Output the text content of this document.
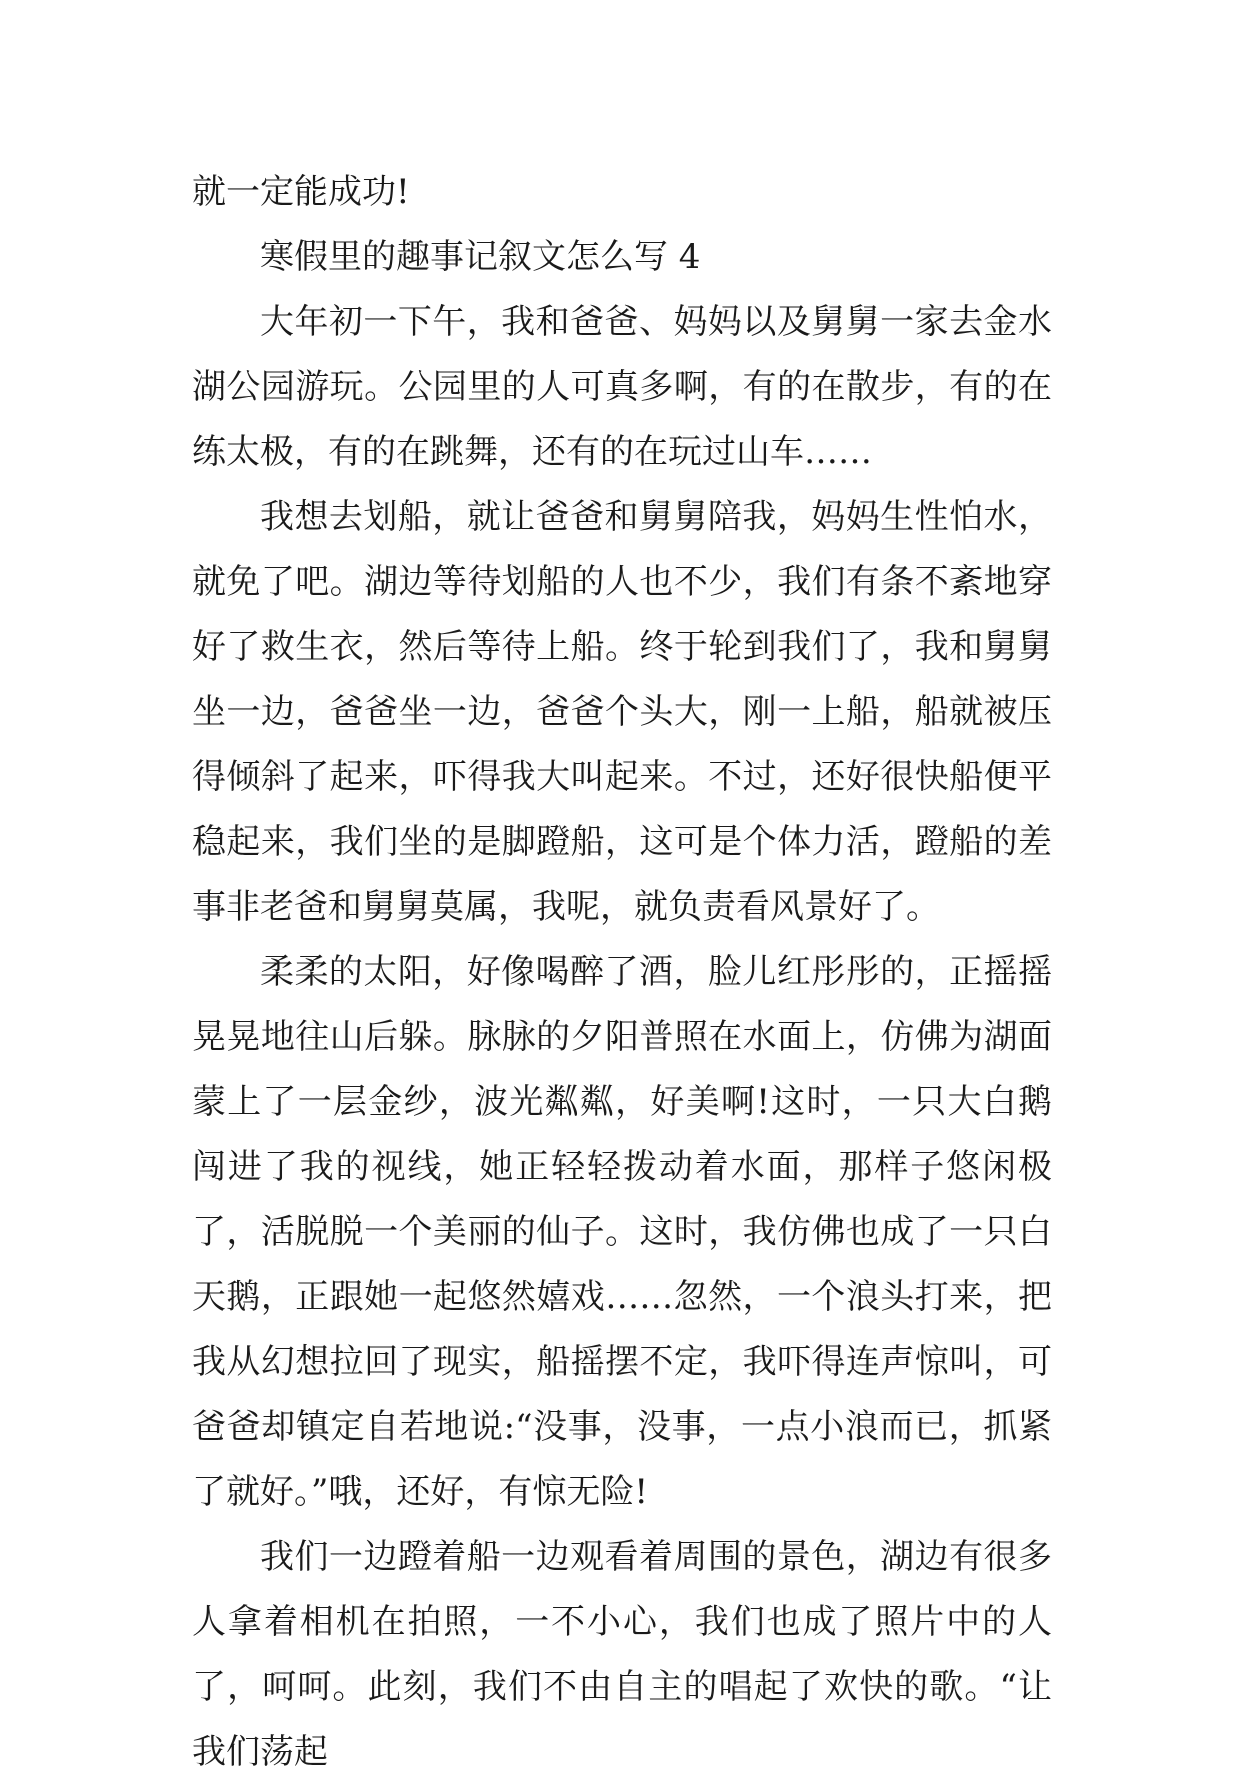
就一定能成功!

寒假里的趣事记叙文怎么写 4

大年初一下午，我和爸爸、妈妈以及舅舅一家去金水湖公园游玩。公园里的人可真多啊，有的在散步，有的在练太极，有的在跳舞，还有的在玩过山车……

我想去划船，就让爸爸和舅舅陪我，妈妈生性怕水，就免了吧。湖边等待划船的人也不少，我们有条不紊地穿好了救生衣，然后等待上船。终于轮到我们了，我和舅舅坐一边，爸爸坐一边，爸爸个头大，刚一上船，船就被压得倾斜了起来，吓得我大叫起来。不过，还好很快船便平稳起来，我们坐的是脚蹬船，这可是个体力活，蹬船的差事非老爸和舅舅莫属，我呢，就负责看风景好了。

柔柔的太阳，好像喝醉了酒，脸儿红彤彤的，正摇摇晃晃地往山后躲。脉脉的夕阳普照在水面上，仿佛为湖面蒙上了一层金纱，波光粼粼，好美啊!这时，一只大白鹅闯进了我的视线，她正轻轻拨动着水面，那样子悠闲极了，活脱脱一个美丽的仙子。这时，我仿佛也成了一只白天鹅，正跟她一起悠然嬉戏……忽然，一个浪头打来，把我从幻想拉回了现实，船摇摆不定，我吓得连声惊叫，可爸爸却镇定自若地说:“没事，没事，一点小浪而已，抓紧了就好。”哦，还好，有惊无险!

我们一边蹬着船一边观看着周围的景色，湖边有很多人拿着相机在拍照，一不小心，我们也成了照片中的人了，呵呵。此刻，我们不由自主的唱起了欢快的歌。“让我们荡起
